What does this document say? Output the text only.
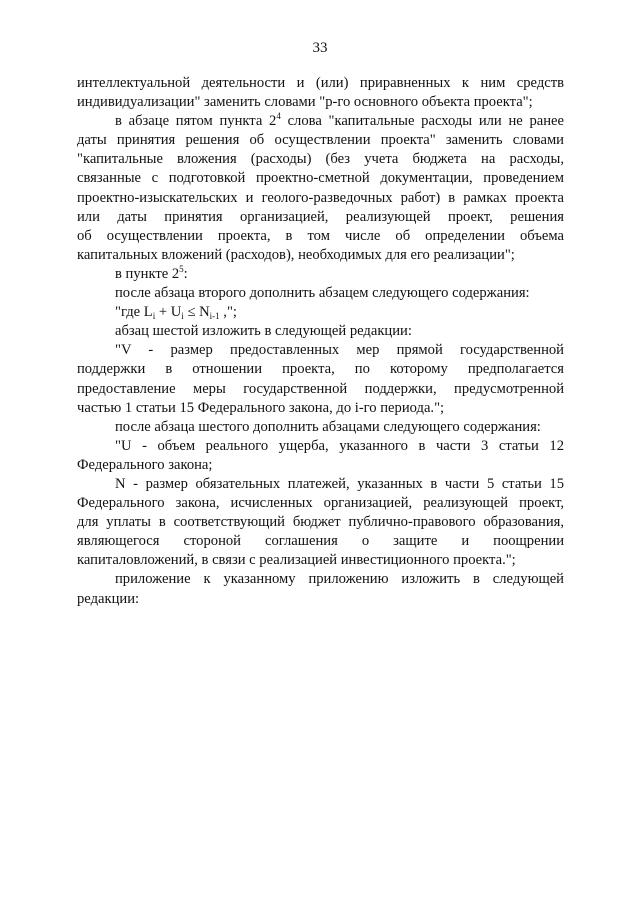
33
интеллектуальной деятельности и (или) приравненных к ним средств
индивидуализации" заменить словами "р-го основного объекта проекта";
в абзаце пятом пункта $2^4$ слова "капитальные расходы или не ранее
даты принятия решения об осуществлении проекта" заменить словами
"капитальные вложения (расходы) (без учета бюджета на расходы,
связанные с подготовкой проектно-сметной документации, проведением
проектно-изыскательских и геолого-разведочных работ) в рамках проекта
или даты принятия организацией, реализующей проект, решения
об осуществлении проекта, в том числе об определении объема
капитальных вложений (расходов), необходимых для его реализации";
в пункте $2^5$:
после абзаца второго дополнить абзацем следующего содержания:
"где $L_i + U_i \le N_{i-1}$ ,";
абзац шестой изложить в следующей редакции:
"V - размер предоставленных мер прямой государственной
поддержки в отношении проекта, по которому предполагается
предоставление меры государственной поддержки, предусмотренной
частью 1 статьи 15 Федерального закона, до i-го периода.";
после абзаца шестого дополнить абзацами следующего содержания:
"U - объем реального ущерба, указанного в части 3 статьи 12
Федерального закона;
N - размер обязательных платежей, указанных в части 5 статьи 15
Федерального закона, исчисленных организацией, реализующей проект,
для уплаты в соответствующий бюджет публично-правового образования,
являющегося стороной соглашения о защите и поощрении
капиталовложений, в связи с реализацией инвестиционного проекта.";
приложение к указанному приложению изложить в следующей
редакции:
